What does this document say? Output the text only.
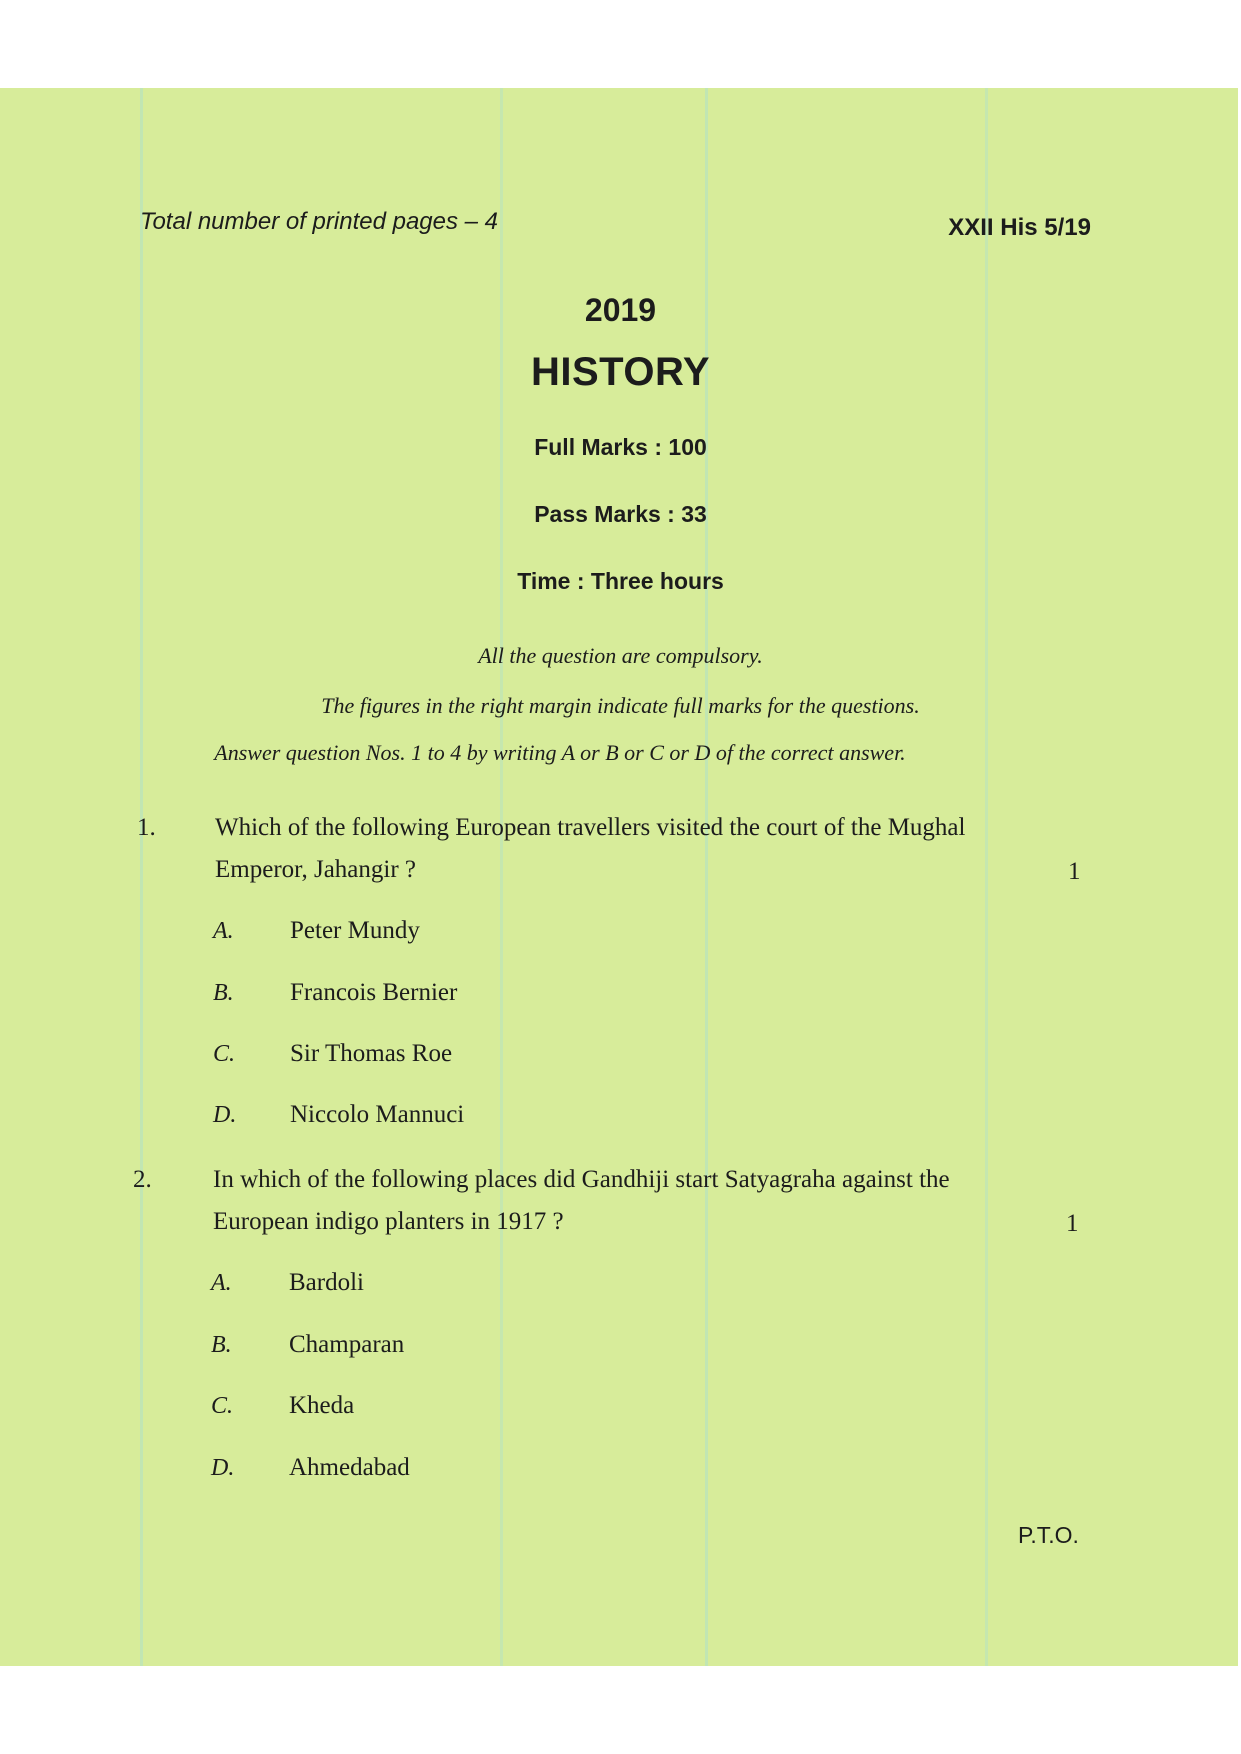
Total number of printed pages – 4	XXII His 5/19
2019
HISTORY
Full Marks : 100
Pass Marks : 33
Time : Three hours
All the question are compulsory.
The figures in the right margin indicate full marks for the questions.
Answer question Nos. 1 to 4 by writing A or B or C or D of the correct answer.
1. Which of the following European travellers visited the court of the Mughal
Emperor, Jahangir ?	1
A. Peter Mundy
B. Francois Bernier
C. Sir Thomas Roe
D. Niccolo Mannuci
2. In which of the following places did Gandhiji start Satyagraha against the
European indigo planters in 1917 ?	1
A. Bardoli
B. Champaran
C. Kheda
D. Ahmedabad
P.T.O.
